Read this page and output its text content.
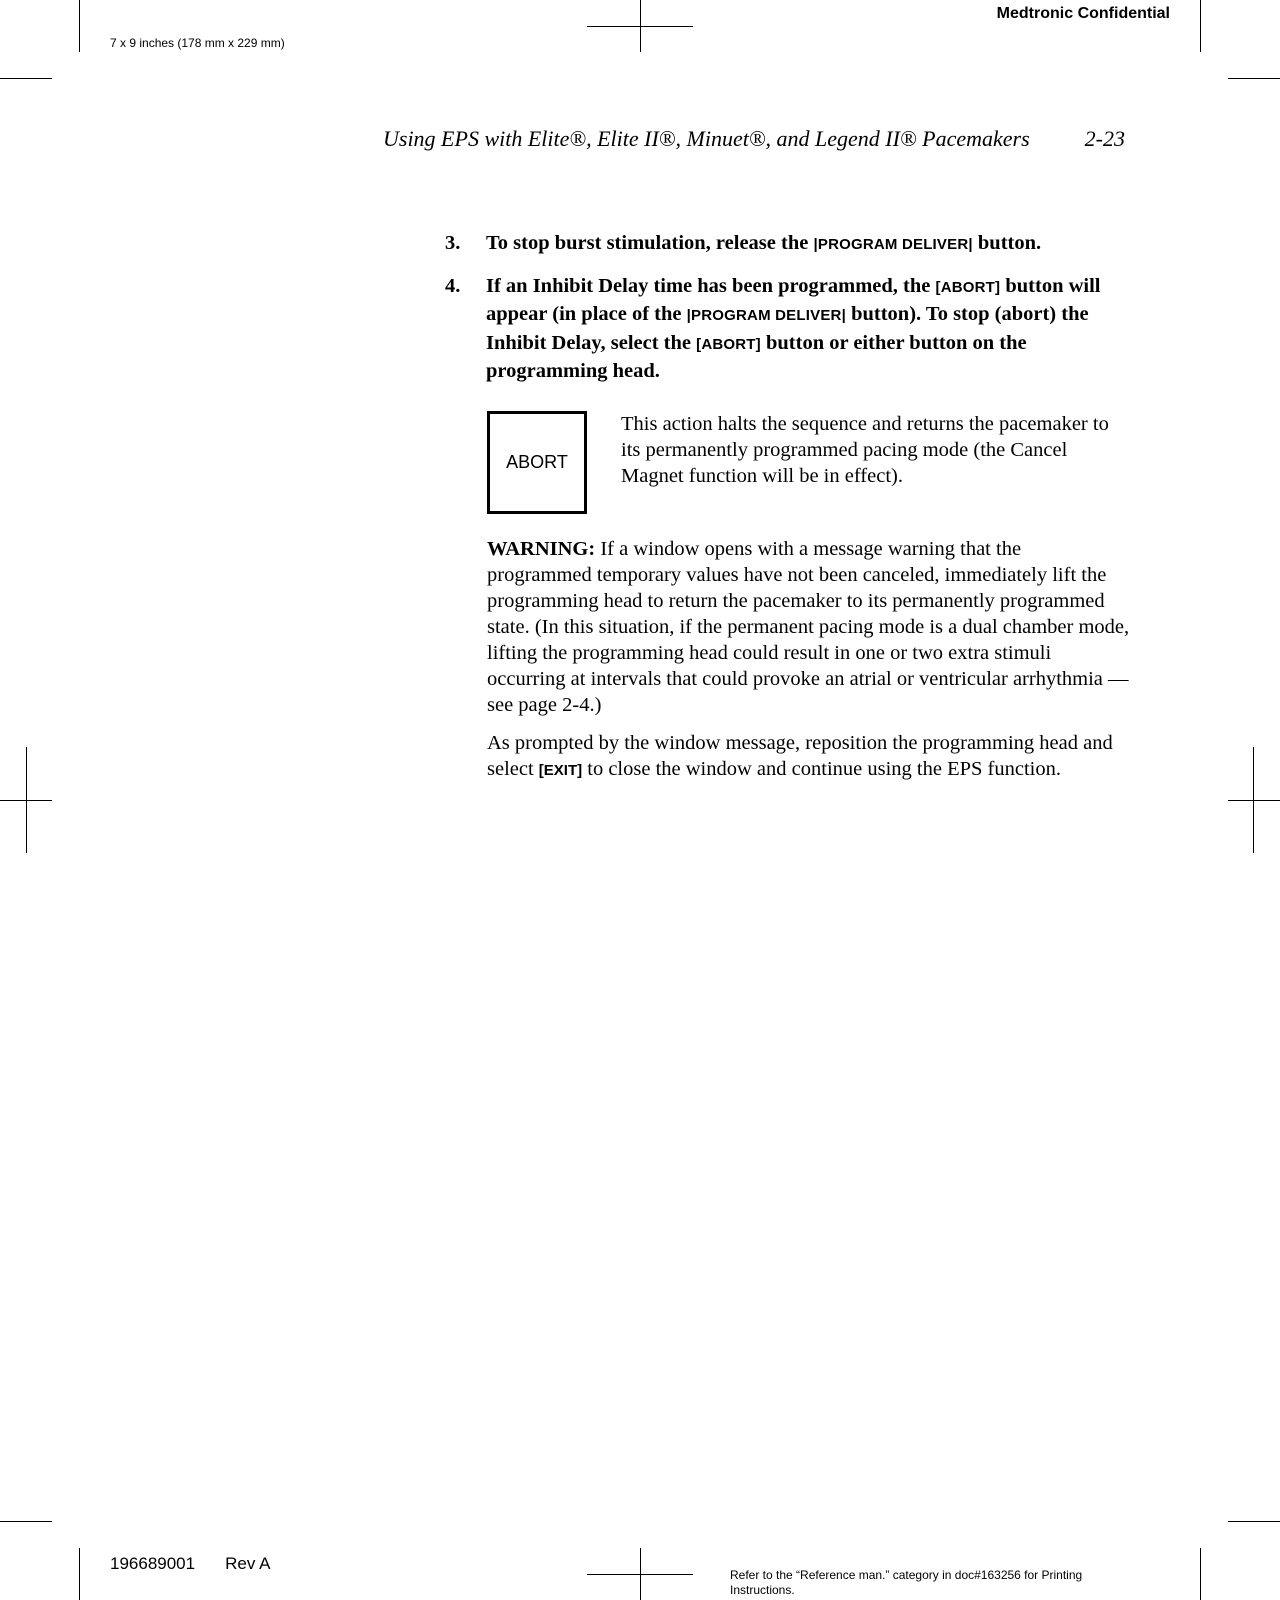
Medtronic Confidential
7 x 9 inches (178 mm x 229 mm)
Using EPS with Elite®, Elite II®, Minuet®, and Legend II® Pacemakers	2-23
3.	To stop burst stimulation, release the |PROGRAM DELIVER| button.
4.	If an Inhibit Delay time has been programmed, the [ABORT] button will appear (in place of the |PROGRAM DELIVER| button). To stop (abort) the Inhibit Delay, select the [ABORT] button or either button on the programming head.
ABORT
This action halts the sequence and returns the pacemaker to its permanently programmed pacing mode (the Cancel Magnet function will be in effect).
WARNING: If a window opens with a message warning that the programmed temporary values have not been canceled, immediately lift the programming head to return the pacemaker to its permanently programmed state. (In this situation, if the permanent pacing mode is a dual chamber mode, lifting the programming head could result in one or two extra stimuli occurring at intervals that could provoke an atrial or ventricular arrhythmia — see page 2-4.)
As prompted by the window message, reposition the programming head and select [EXIT] to close the window and continue using the EPS function.
196689001 Rev A
Refer to the “Reference man.” category in doc#163256 for Printing Instructions.
